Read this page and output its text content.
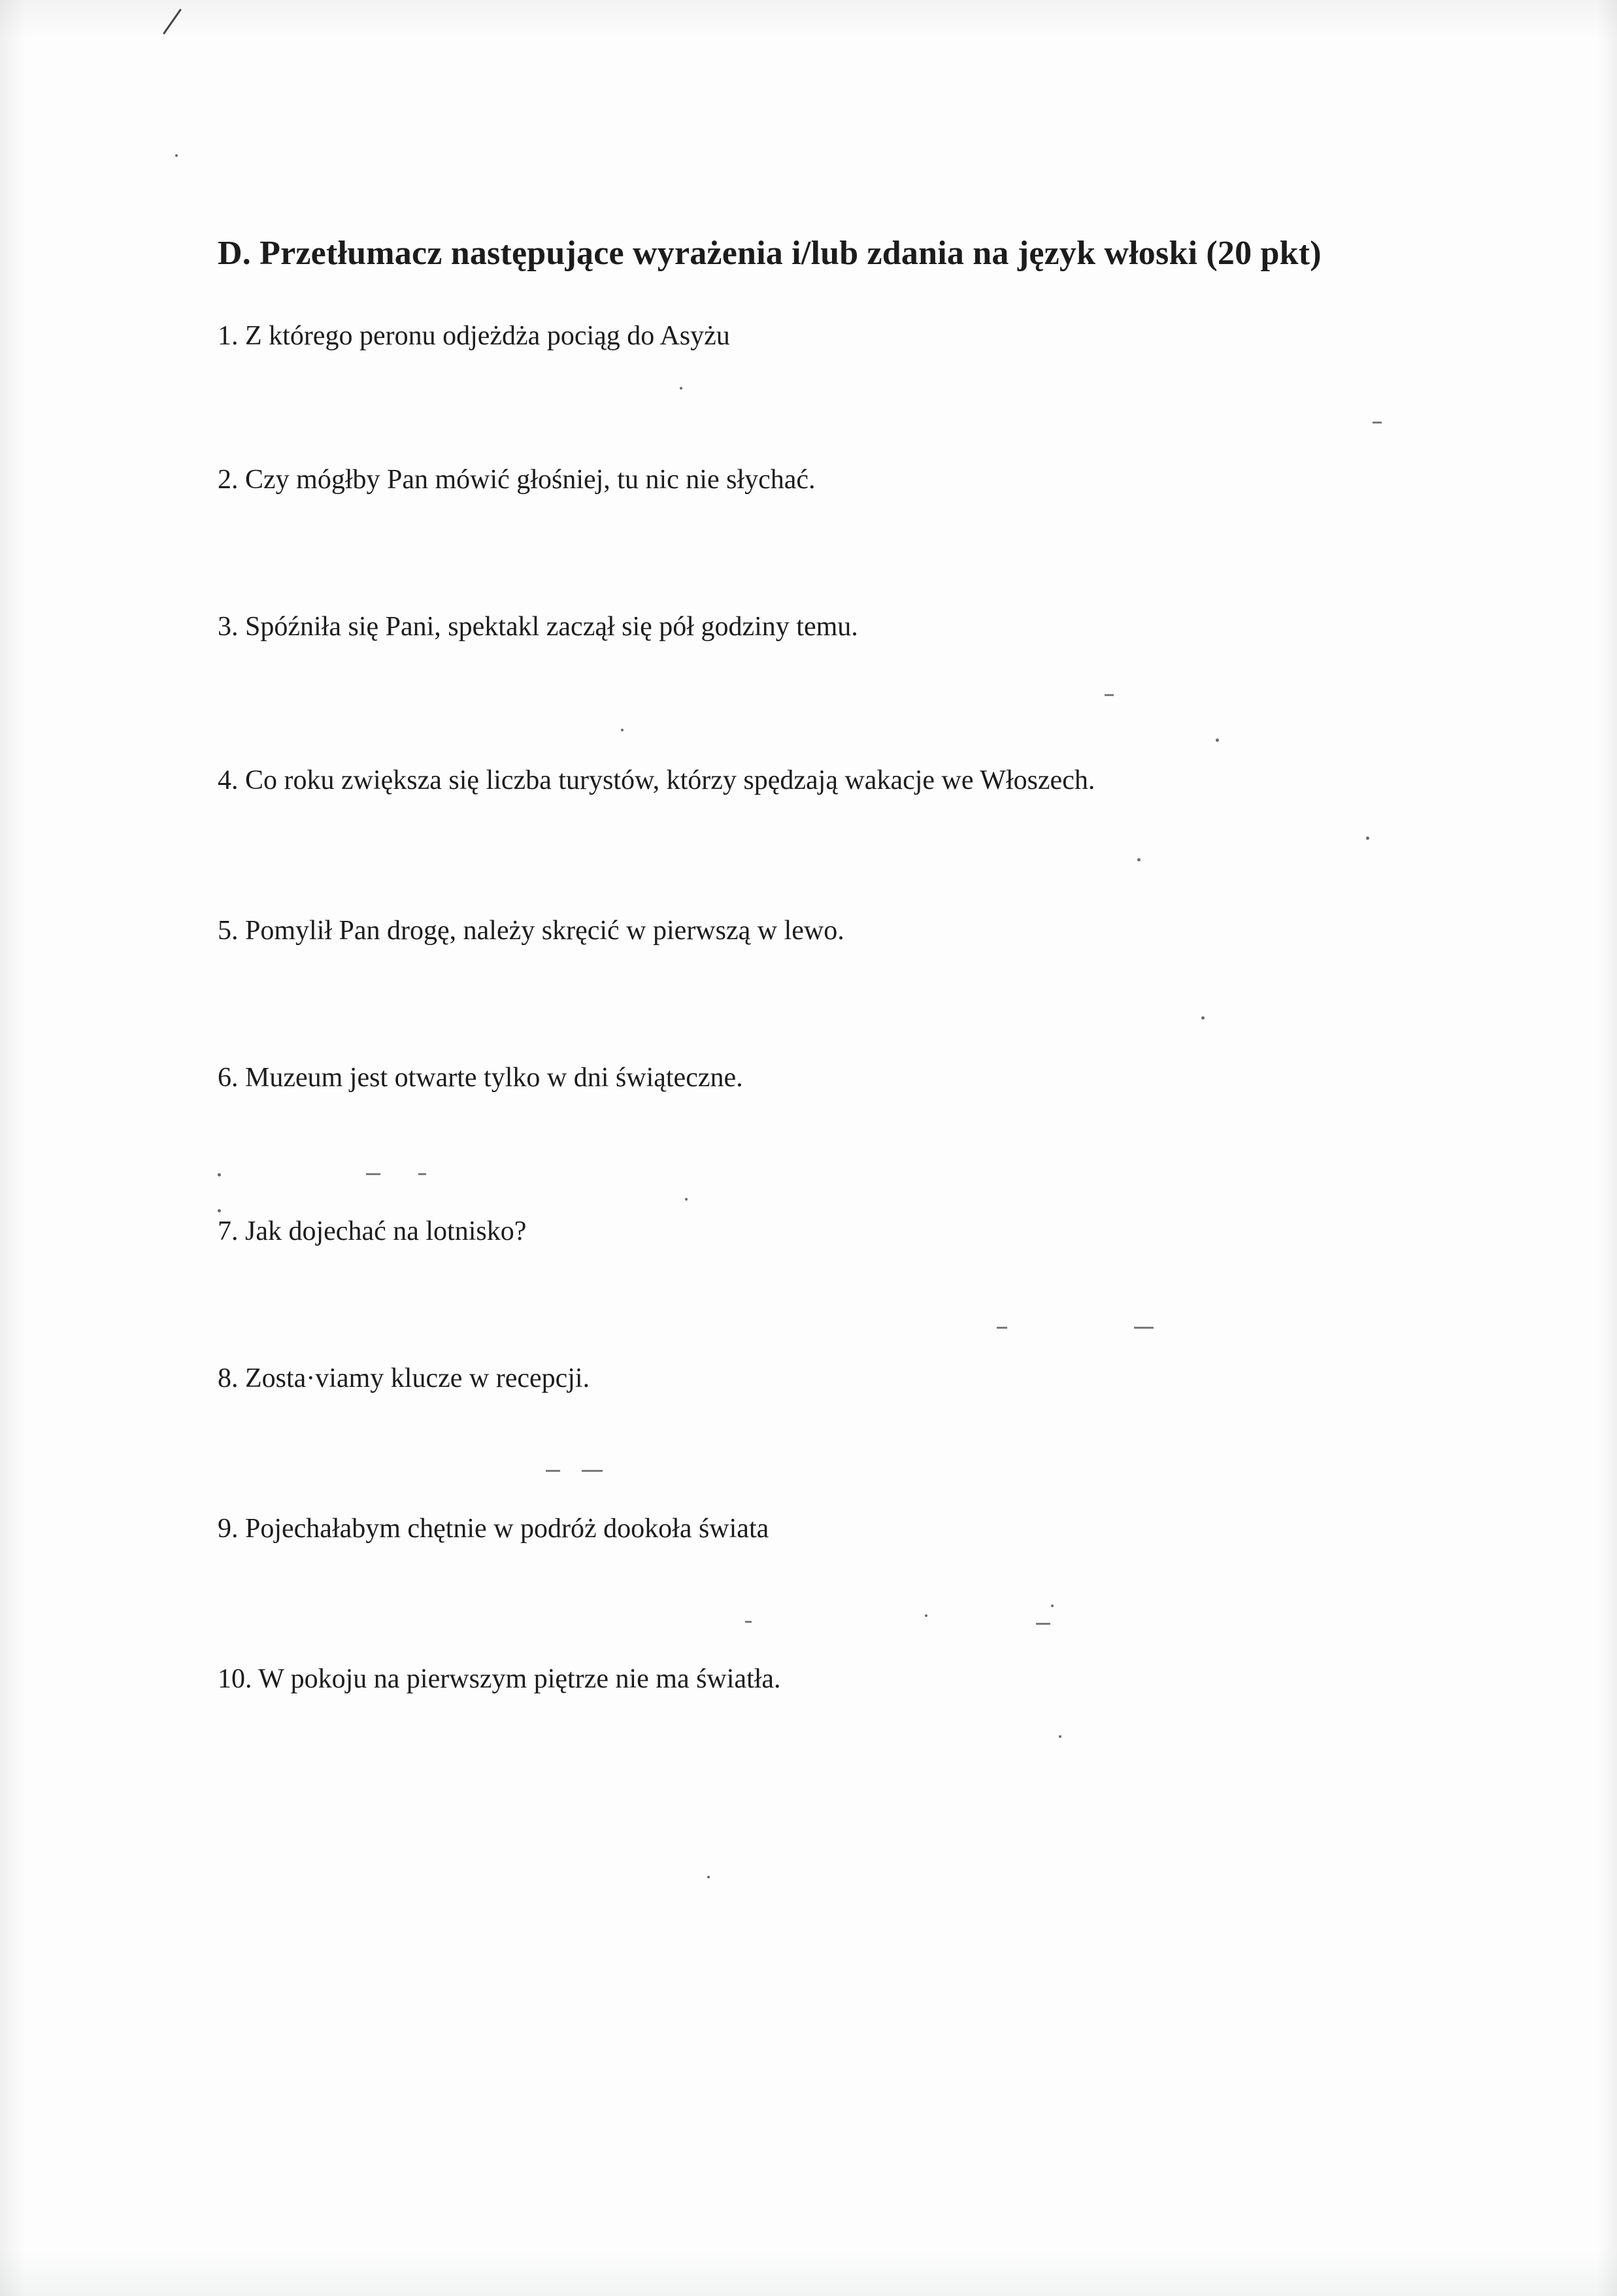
D. Przetłumacz następujące wyrażenia i/lub zdania na język włoski (20 pkt)

1. Z którego peronu odjeżdża pociąg do Asyżu

2. Czy mógłby Pan mówić głośniej, tu nic nie słychać.

3. Spóźniła się Pani, spektakl zaczął się pół godziny temu.

4. Co roku zwiększa się liczba turystów, którzy spędzają wakacje we Włoszech.

5. Pomylił Pan drogę, należy skręcić w pierwszą w lewo.

6. Muzeum jest otwarte tylko w dni świąteczne.

7. Jak dojechać na lotnisko?

8. Zosta·viamy klucze w recepcji.

9. Pojechałabym chętnie w podróż dookoła świata

10. W pokoju na pierwszym piętrze nie ma światła.
